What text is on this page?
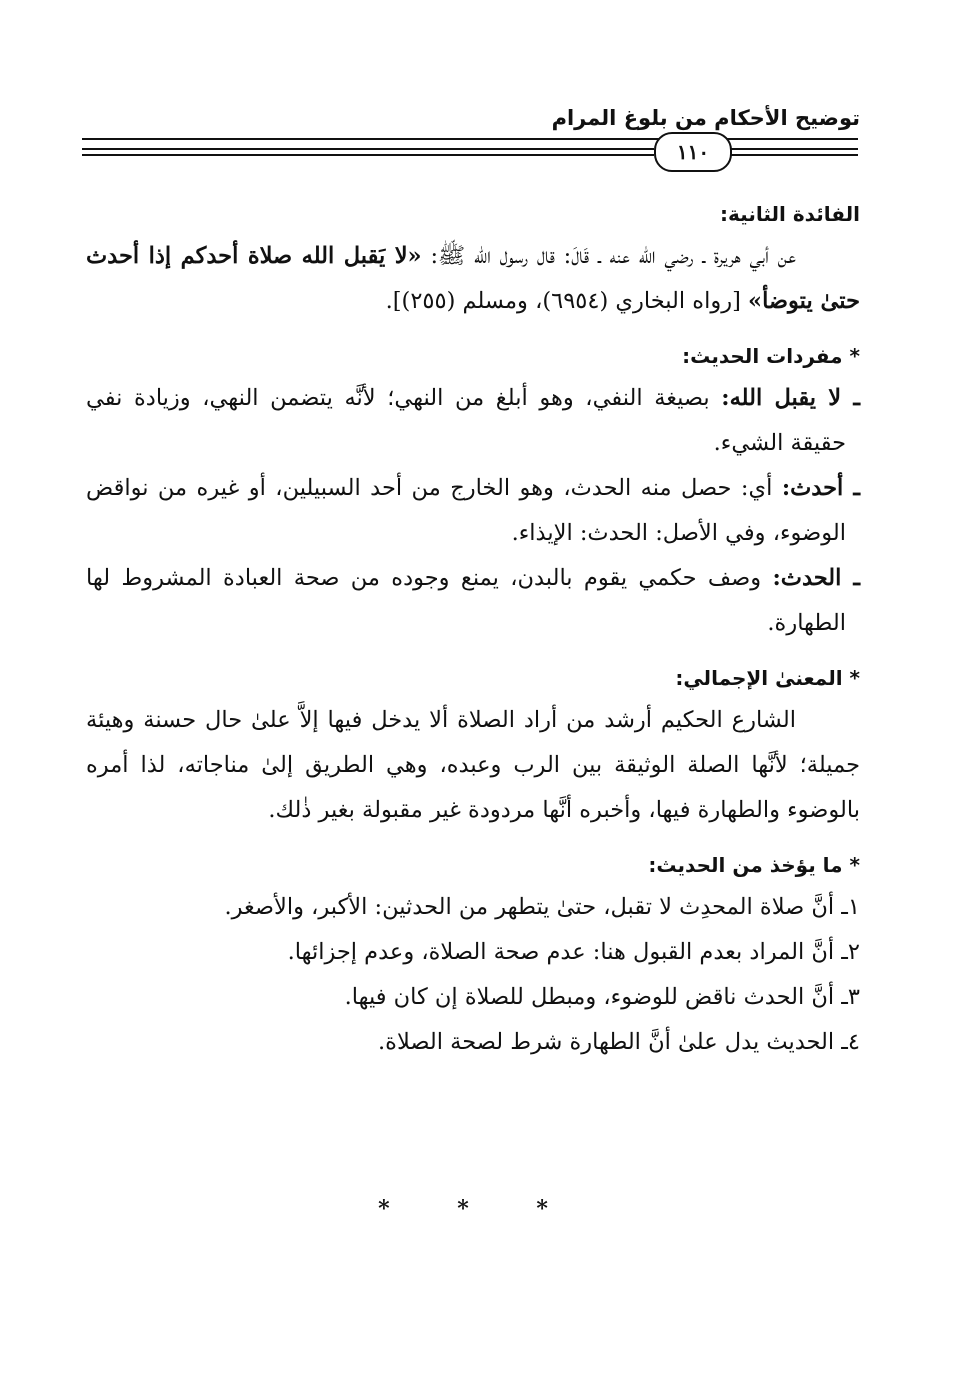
توضيح الأحكام من بلوغ المرام
١١٠

الفائدة الثانية:

عن أبي هريرة ـ رضي الله عنه ـ قَالَ: قال رسول الله ﷺ: «لا يَقبل الله صلاة أحدكم إذا أحدث حتىٰ يتوضأ» [رواه البخاري (٦٩٥٤)، ومسلم (٢٥٥)].

* مفردات الحديث:

ـ لا يقبل الله: بصيغة النفي، وهو أبلغ من النهي؛ لأنَّه يتضمن النهي، وزيادة نفي حقيقة الشيء.

ـ أحدث: أي: حصل منه الحدث، وهو الخارج من أحد السبيلين، أو غيره من نواقض الوضوء، وفي الأصل: الحدث: الإيذاء.

ـ الحدث: وصف حكمي يقوم بالبدن، يمنع وجوده من صحة العبادة المشروط لها الطهارة.

* المعنىٰ الإجمالي:

الشارع الحكيم أرشد من أراد الصلاة ألا يدخل فيها إلاَّ علىٰ حال حسنة وهيئة جميلة؛ لأنَّها الصلة الوثيقة بين الرب وعبده، وهي الطريق إلىٰ مناجاته، لذا أمره بالوضوء والطهارة فيها، وأخبره أنَّها مردودة غير مقبولة بغير ذٰلك.

* ما يؤخذ من الحديث:

١ـ أنَّ صلاة المحدِث لا تقبل، حتىٰ يتطهر من الحدثين: الأكبر، والأصغر.
٢ـ أنَّ المراد بعدم القبول هنا: عدم صحة الصلاة، وعدم إجزائها.
٣ـ أنَّ الحدث ناقض للوضوء، ومبطل للصلاة إن كان فيها.
٤ـ الحديث يدل علىٰ أنَّ الطهارة شرط لصحة الصلاة.
* * *
